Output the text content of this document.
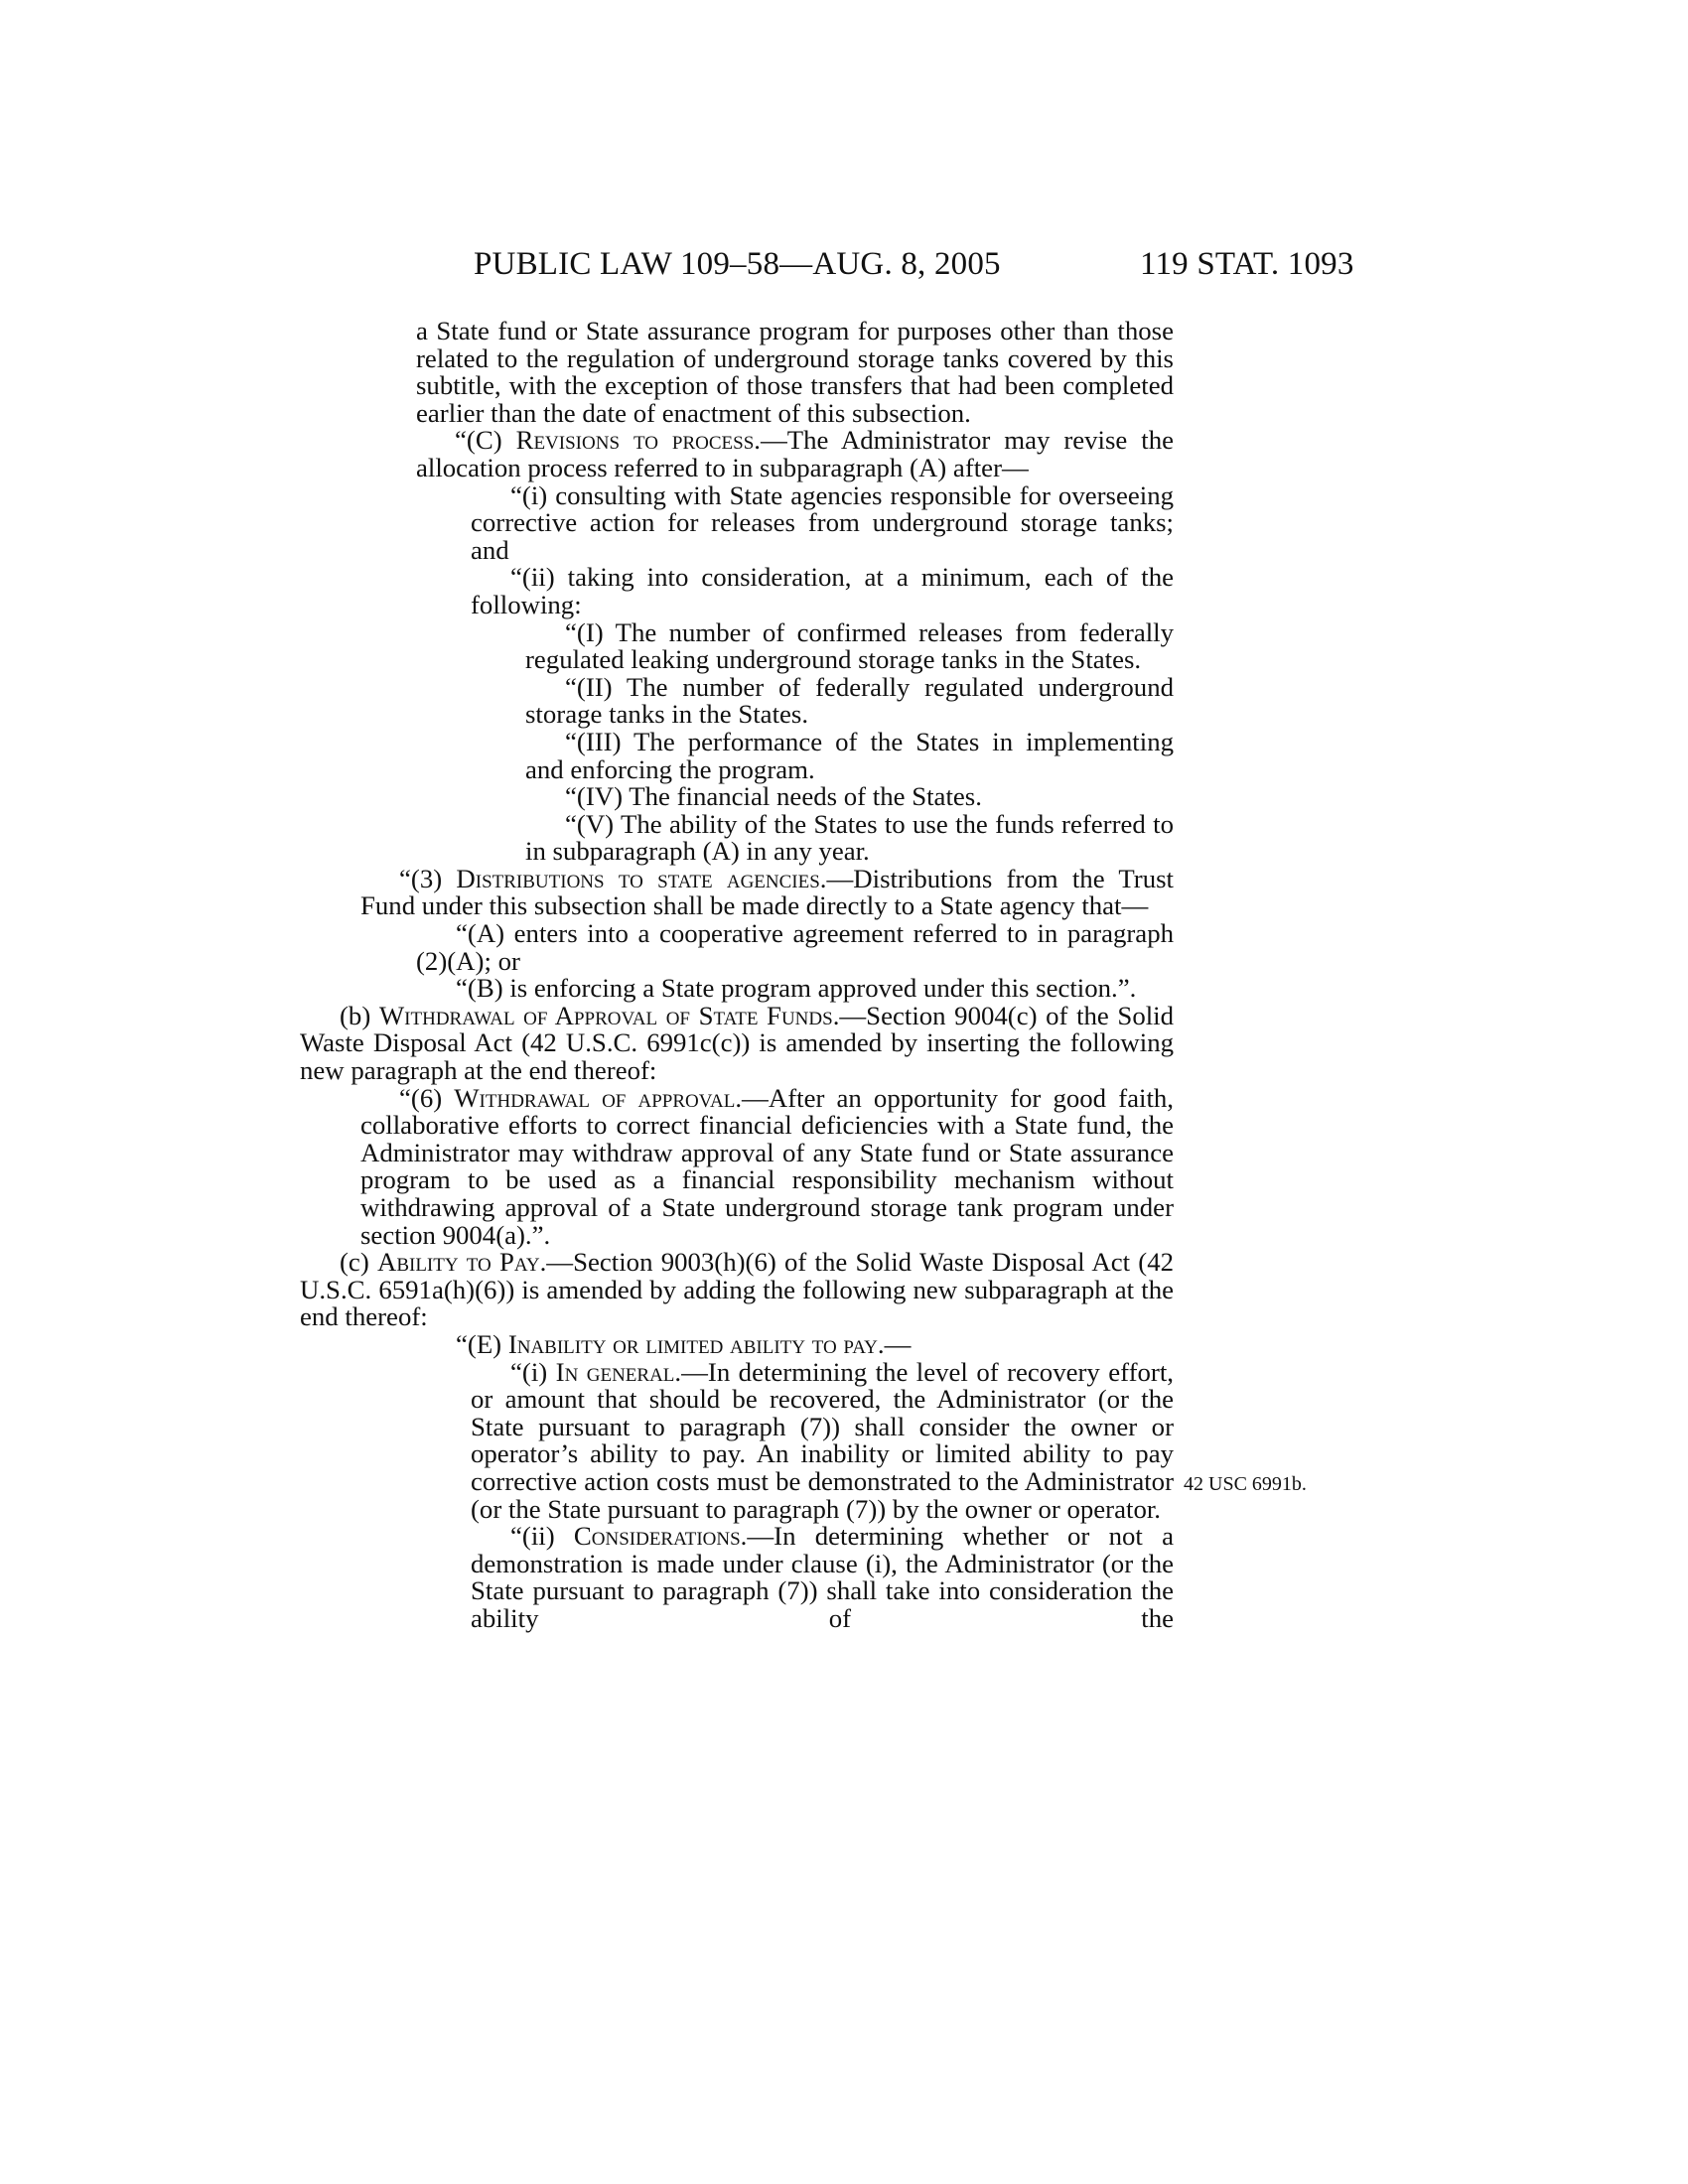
PUBLIC LAW 109–58—AUG. 8, 2005	119 STAT. 1093

a State fund or State assurance program for purposes other than those related to the regulation of underground storage tanks covered by this subtitle, with the exception of those transfers that had been completed earlier than the date of enactment of this subsection.

“(C) Revisions to process.—The Administrator may revise the allocation process referred to in subparagraph (A) after—

“(i) consulting with State agencies responsible for overseeing corrective action for releases from underground storage tanks; and

“(ii) taking into consideration, at a minimum, each of the following:

“(I) The number of confirmed releases from federally regulated leaking underground storage tanks in the States.

“(II) The number of federally regulated underground storage tanks in the States.

“(III) The performance of the States in implementing and enforcing the program.

“(IV) The financial needs of the States.

“(V) The ability of the States to use the funds referred to in subparagraph (A) in any year.

“(3) Distributions to state agencies.—Distributions from the Trust Fund under this subsection shall be made directly to a State agency that—

“(A) enters into a cooperative agreement referred to in paragraph (2)(A); or

“(B) is enforcing a State program approved under this section.”.

(b) Withdrawal of Approval of State Funds.—Section 9004(c) of the Solid Waste Disposal Act (42 U.S.C. 6991c(c)) is amended by inserting the following new paragraph at the end thereof:

“(6) Withdrawal of approval.—After an opportunity for good faith, collaborative efforts to correct financial deficiencies with a State fund, the Administrator may withdraw approval of any State fund or State assurance program to be used as a financial responsibility mechanism without withdrawing approval of a State underground storage tank program under section 9004(a).”.

(c) Ability to Pay.—Section 9003(h)(6) of the Solid Waste Disposal Act (42 U.S.C. 6591a(h)(6)) is amended by adding the following new subparagraph at the end thereof:

“(E) Inability or limited ability to pay.—

“(i) In general.—In determining the level of recovery effort, or amount that should be recovered, the Administrator (or the State pursuant to paragraph (7)) shall consider the owner or operator’s ability to pay. An inability or limited ability to pay corrective action costs must be demonstrated to the Administrator (or the State pursuant to paragraph (7)) by the owner or operator.

“(ii) Considerations.—In determining whether or not a demonstration is made under clause (i), the Administrator (or the State pursuant to paragraph (7)) shall take into consideration the ability of the

42 USC 6991b.
